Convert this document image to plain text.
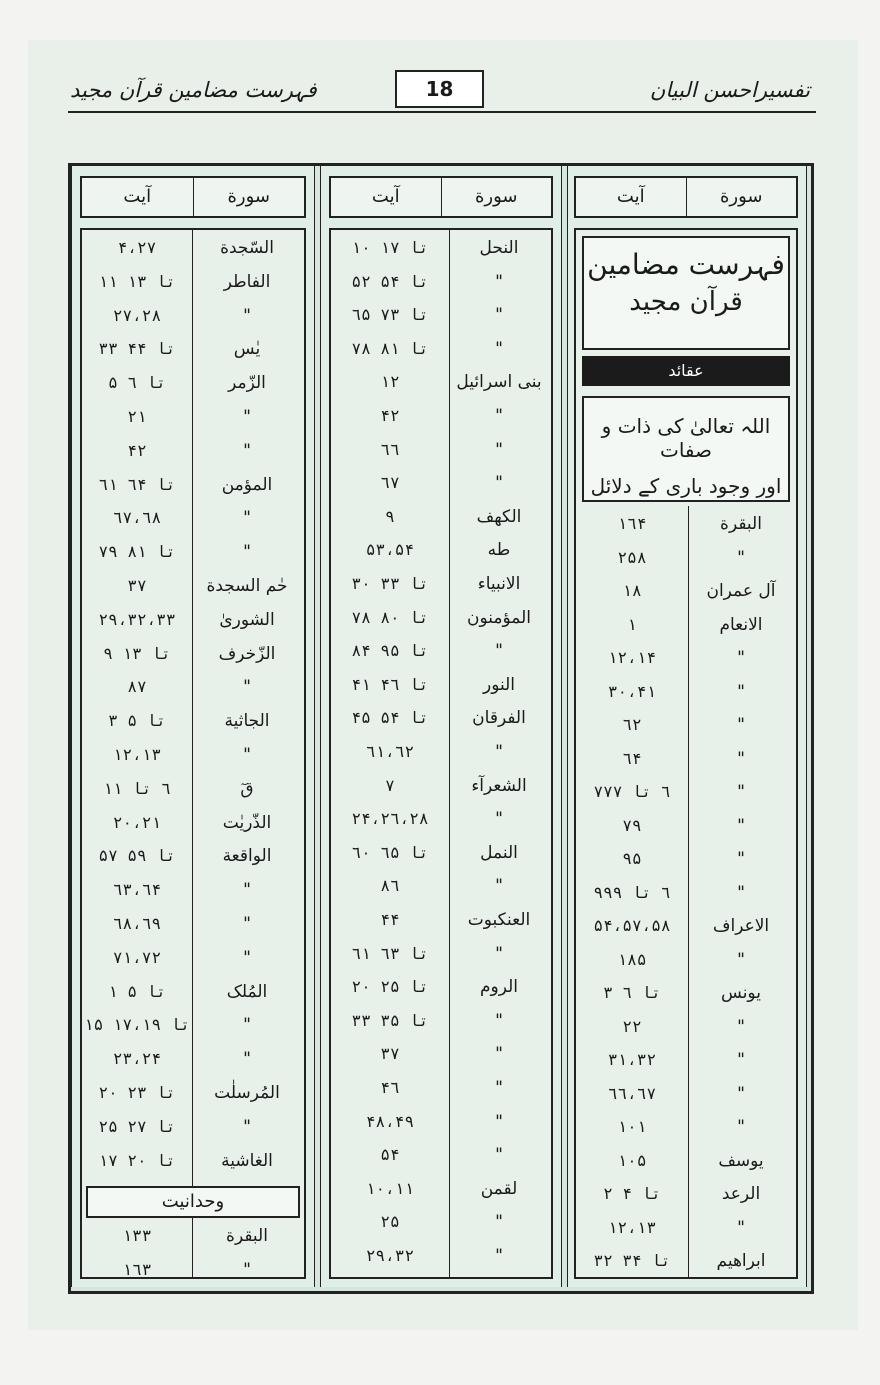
فہرست مضامین قرآن مجید	18	تفسیراحسن البیان
سورة
آیت
السّجدة
۴،۲۷
الفاطر
۱۱ تا ۱۳
"
۲۷،۲۸
یٰس
۳۳ تا ۴۴
الزّمر
۵ تا ٦
"
۲۱
"
۴۲
المؤمن
٦۱ تا ٦۴
"
٦۷،٦۸
"
۷۹ تا ۸۱
حٰم السجدة
۳۷
الشوریٰ
۲۹،۳۲،۳۳
الزّخرف
۹ تا ۱۳
"
۸۷
الجاثیة
۳ تا ۵
"
۱۲،۱۳
قٓ
٦ تا ۱۱
الذّریٰت
۲۰،۲۱
الواقعة
۵۷ تا ۵۹
"
٦۳،٦۴
"
٦۸،٦۹
"
۷۱،۷۲
المُلک
۱ تا ۵
"
۱۵ تا ۱۷،۱۹
"
۲۳،۲۴
المُرسلٰت
۲۰ تا ۲۳
"
۲۵ تا ۲۷
الغاشیة
۱۷ تا ۲۰
وحدانیت
البقرة
۱۳۳
"
۱٦۳
سورة
آیت
النحل
۱۰ تا ۱۷
"
۵۲ تا ۵۴
"
٦۵ تا ۷۳
"
۷۸ تا ۸۱
بنی اسرائیل
۱۲
"
۴۲
"
٦٦
"
٦۷
الکھف
۹
طه
۵۳،۵۴
الانبیاء
۳۰ تا ۳۳
المؤمنون
۷۸ تا ۸۰
"
۸۴ تا ۹۵
النور
۴۱ تا ۴٦
الفرقان
۴۵ تا ۵۴
"
٦۱،٦۲
الشعرآء
۷
"
۲۴،۲٦،۲۸
النمل
٦۰ تا ٦۵
"
۸٦
العنکبوت
۴۴
"
٦۱ تا ٦۳
الروم
۲۰ تا ۲۵
"
۳۳ تا ۳۵
"
۳۷
"
۴٦
"
۴۸،۴۹
"
۵۴
لقمن
۱۰،۱۱
"
۲۵
"
۲۹،۳۲
سورة
آیت
فہرست مضامین
قرآن مجید
عقائد
اللہ تعالیٰ کی ذات و صفات
اور وجود باری کے دلائل
البقرة
۱٦۴
"
۲۵۸
آل عمران
۱۸
الانعام
۱
"
۱۲،۱۴
"
۳۰،۴۱
"
٦۲
"
٦۴
"
۷٦ تا ۷۷
"
۷۹
"
۹۵
"
۹٦ تا ۹۹
الاعراف
۵۴،۵۷،۵۸
"
۱۸۵
یونس
۳ تا ٦
"
۲۲
"
۳۱،۳۲
"
٦٦،٦۷
"
۱۰۱
یوسف
۱۰۵
الرعد
۲ تا ۴
"
۱۲،۱۳
ابراھیم
۳۲ تا ۳۴
